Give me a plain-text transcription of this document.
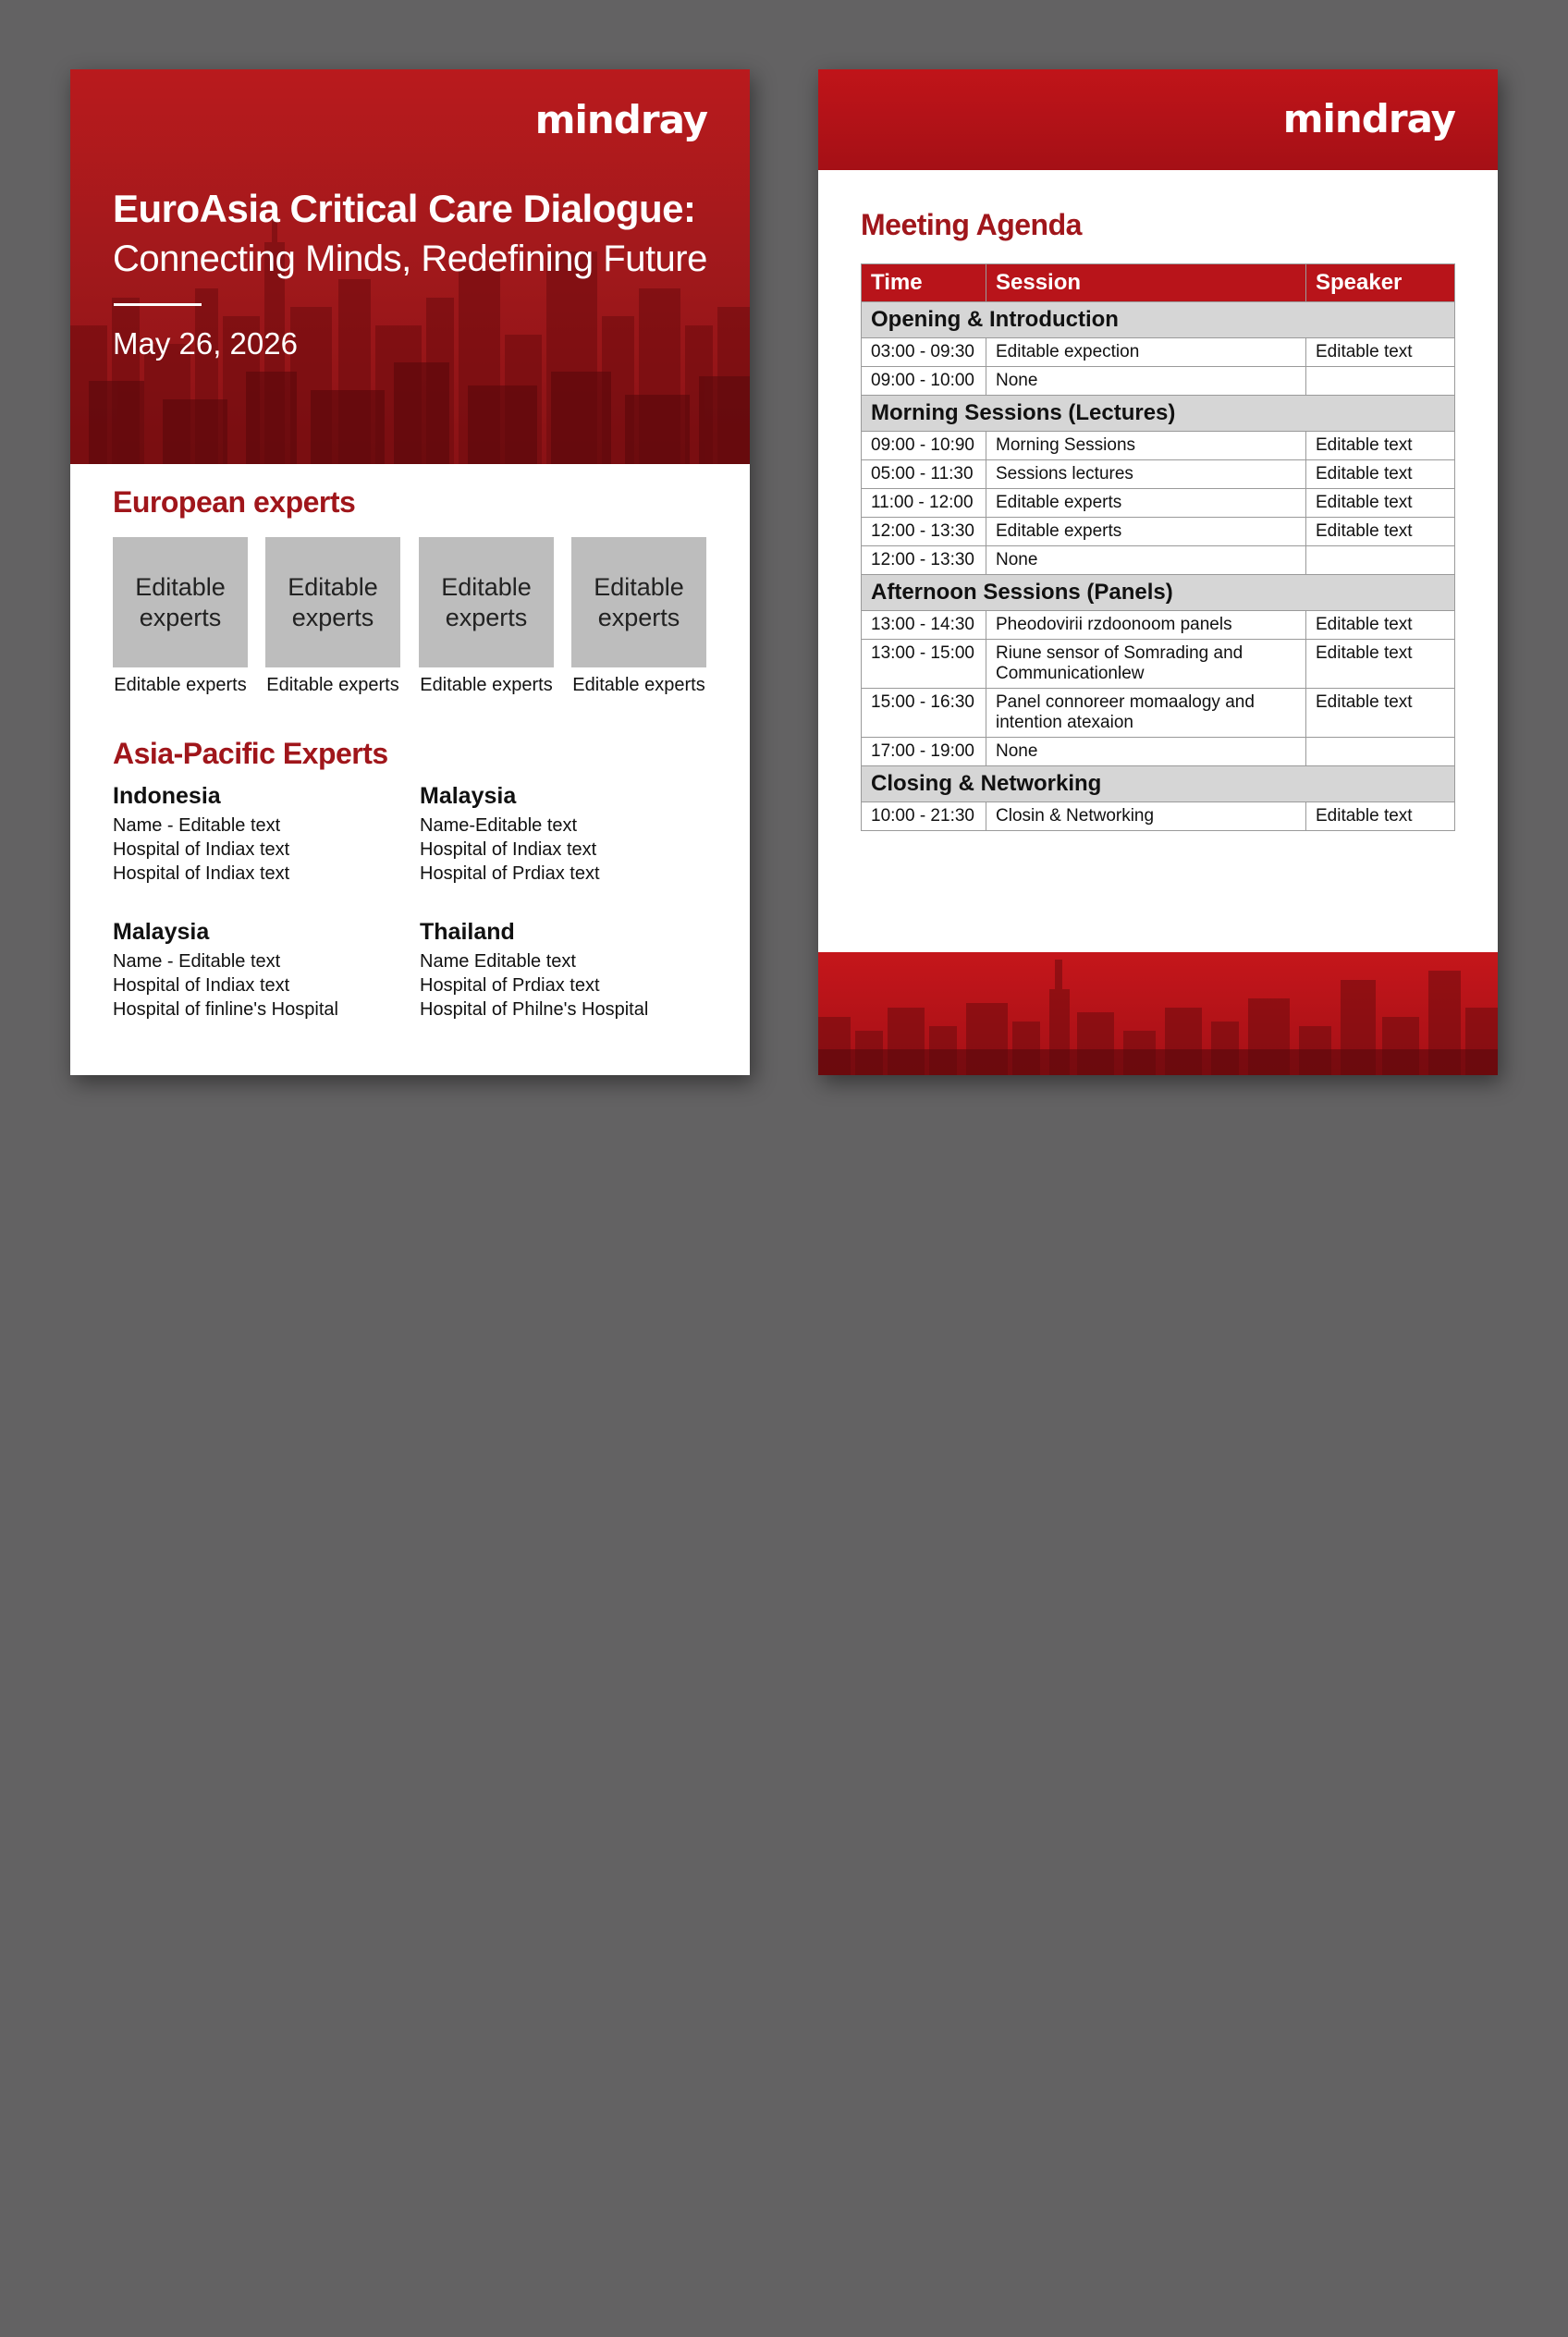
mindray
EuroAsia Critical Care Dialogue:
Connecting Minds, Redefining Future
May 26, 2026
European experts
Editable experts
Editable experts
Editable experts
Editable experts
Editable experts
Editable experts
Editable experts
Editable experts
Asia-Pacific Experts
Indonesia
Name - Editable text
Hospital of Indiax text
Hospital of Indiax text
Malaysia
Name-Editable text
Hospital of Indiax text
Hospital of Prdiax text
Malaysia
Name - Editable text
Hospital of Indiax text
Hospital of finline's Hospital
Thailand
Name Editable text
Hospital of Prdiax text
Hospital of Philne's Hospital
mindray
Meeting Agenda
Time	Session	Speaker
Opening & Introduction		
03:00 - 09:30	Editable expection	Editable text
09:00 - 10:00	None	
Morning Sessions (Lectures)		
09:00 - 10:90	Morning Sessions	Editable text
05:00 - 11:30	Sessions lectures	Editable text
11:00 - 12:00	Editable experts	Editable text
12:00 - 13:30	Editable experts	Editable text
12:00 - 13:30	None	
Afternoon Sessions (Panels)		
13:00 - 14:30	Pheodovirii rzdoonoom panels	Editable text
13:00 - 15:00	Riune sensor of Somrading and Communicationlew	Editable text
15:00 - 16:30	Panel connoreer momaalogy and intention atexaion	Editable text
17:00 - 19:00	None	
Closing & Networking		
10:00 - 21:30	Closin & Networking	Editable text
